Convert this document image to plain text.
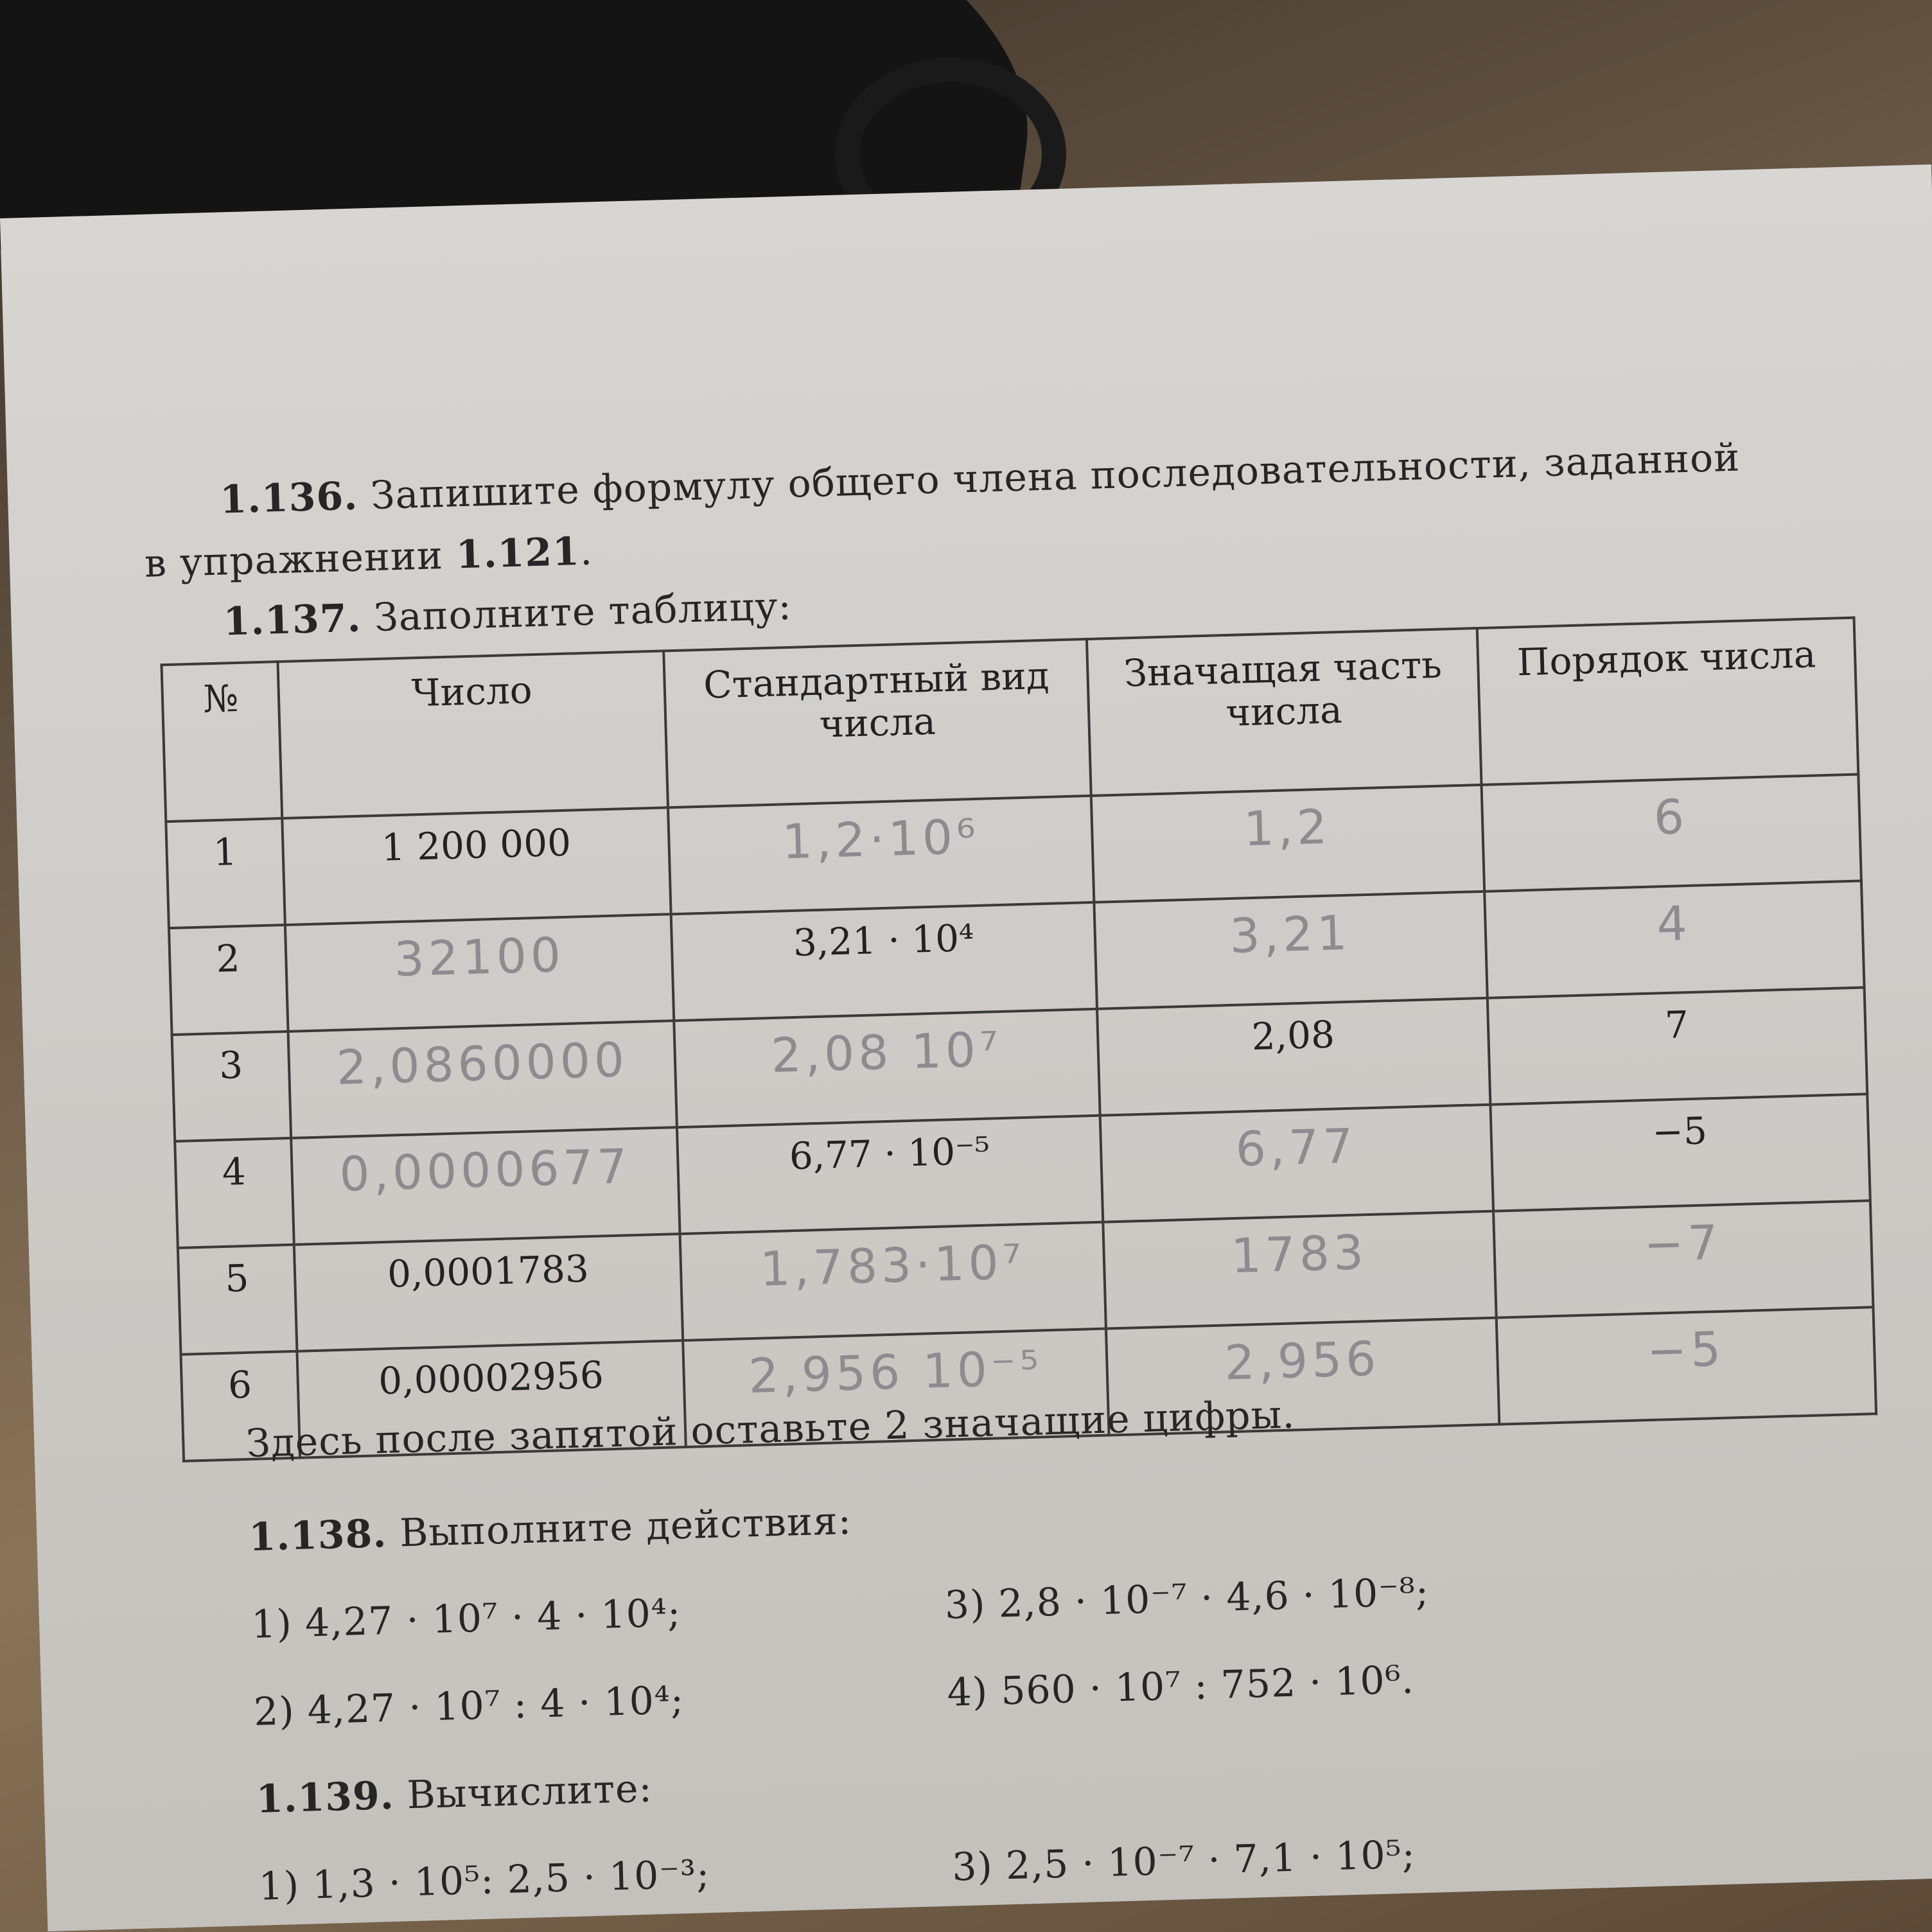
1.136. Запишите формулу общего члена последовательности, заданной
в упражнении 1.121.
1.137. Заполните таблицу:
№	Число	Стандартный вид числа	Значащая часть числа	Порядок числа
1	1 200 000	1,2·10⁶	1,2	6
2	32100	3,21 · 10⁴	3,21	4
3	2,0860000	2,08 10⁷	2,08	7
4	0,0000677	6,77 · 10⁻⁵	6,77	−5
5	0,0001783	1,783·10⁷	1783	−7
6	0,00002956	2,956 10⁻⁵	2,956	−5
Здесь после запятой оставьте 2 значащие цифры.
1.138. Выполните действия:
1) 4,27 · 10⁷ · 4 · 10⁴;	3) 2,8 · 10⁻⁷ · 4,6 · 10⁻⁸;
2) 4,27 · 10⁷ : 4 · 10⁴;	4) 560 · 10⁷ : 752 · 10⁶.
1.139. Вычислите:
1) 1,3 · 10⁵: 2,5 · 10⁻³;	3) 2,5 · 10⁻⁷ · 7,1 · 10⁵;
